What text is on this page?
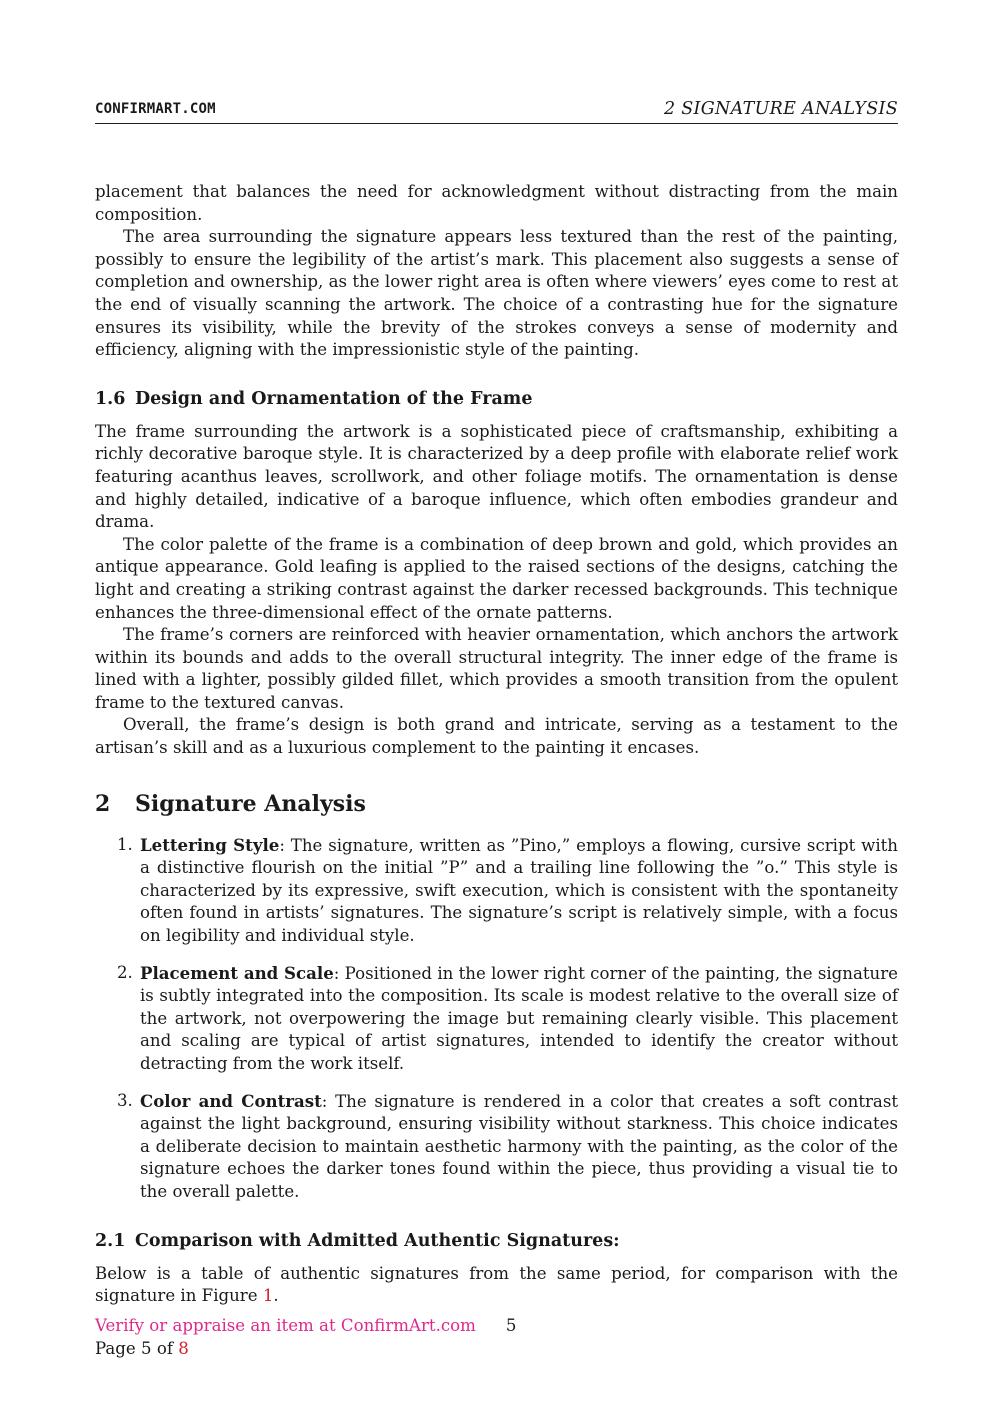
CONFIRMART.COM	2 SIGNATURE ANALYSIS

placement that balances the need for acknowledgment without distracting from the main composition.

The area surrounding the signature appears less textured than the rest of the painting, possibly to ensure the legibility of the artist’s mark. This placement also suggests a sense of completion and ownership, as the lower right area is often where viewers’ eyes come to rest at the end of visually scanning the artwork. The choice of a contrasting hue for the signature ensures its visibility, while the brevity of the strokes conveys a sense of modernity and efficiency, aligning with the impressionistic style of the painting.

1.6 Design and Ornamentation of the Frame

The frame surrounding the artwork is a sophisticated piece of craftsmanship, exhibiting a richly decorative baroque style. It is characterized by a deep profile with elaborate relief work featuring acanthus leaves, scrollwork, and other foliage motifs. The ornamentation is dense and highly detailed, indicative of a baroque influence, which often embodies grandeur and drama.

The color palette of the frame is a combination of deep brown and gold, which provides an antique appearance. Gold leafing is applied to the raised sections of the designs, catching the light and creating a striking contrast against the darker recessed backgrounds. This technique enhances the three-dimensional effect of the ornate patterns.

The frame’s corners are reinforced with heavier ornamentation, which anchors the artwork within its bounds and adds to the overall structural integrity. The inner edge of the frame is lined with a lighter, possibly gilded fillet, which provides a smooth transition from the opulent frame to the textured canvas.

Overall, the frame’s design is both grand and intricate, serving as a testament to the artisan’s skill and as a luxurious complement to the painting it encases.

2 Signature Analysis
1. Lettering Style: The signature, written as ”Pino,” employs a flowing, cursive script with a distinctive flourish on the initial ”P” and a trailing line following the ”o.” This style is characterized by its expressive, swift execution, which is consistent with the spontaneity often found in artists’ signatures. The signature’s script is relatively simple, with a focus on legibility and individual style.

2. Placement and Scale: Positioned in the lower right corner of the painting, the signature is subtly integrated into the composition. Its scale is modest relative to the overall size of the artwork, not overpowering the image but remaining clearly visible. This placement and scaling are typical of artist signatures, intended to identify the creator without detracting from the work itself.

3. Color and Contrast: The signature is rendered in a color that creates a soft contrast against the light background, ensuring visibility without starkness. This choice indicates a deliberate decision to maintain aesthetic harmony with the painting, as the color of the signature echoes the darker tones found within the piece, thus providing a visual tie to the overall palette.

2.1 Comparison with Admitted Authentic Signatures:

Below is a table of authentic signatures from the same period, for comparison with the signature in Figure 1.

Verify or appraise an item at ConfirmArt.com 5
Page 5 of 8
